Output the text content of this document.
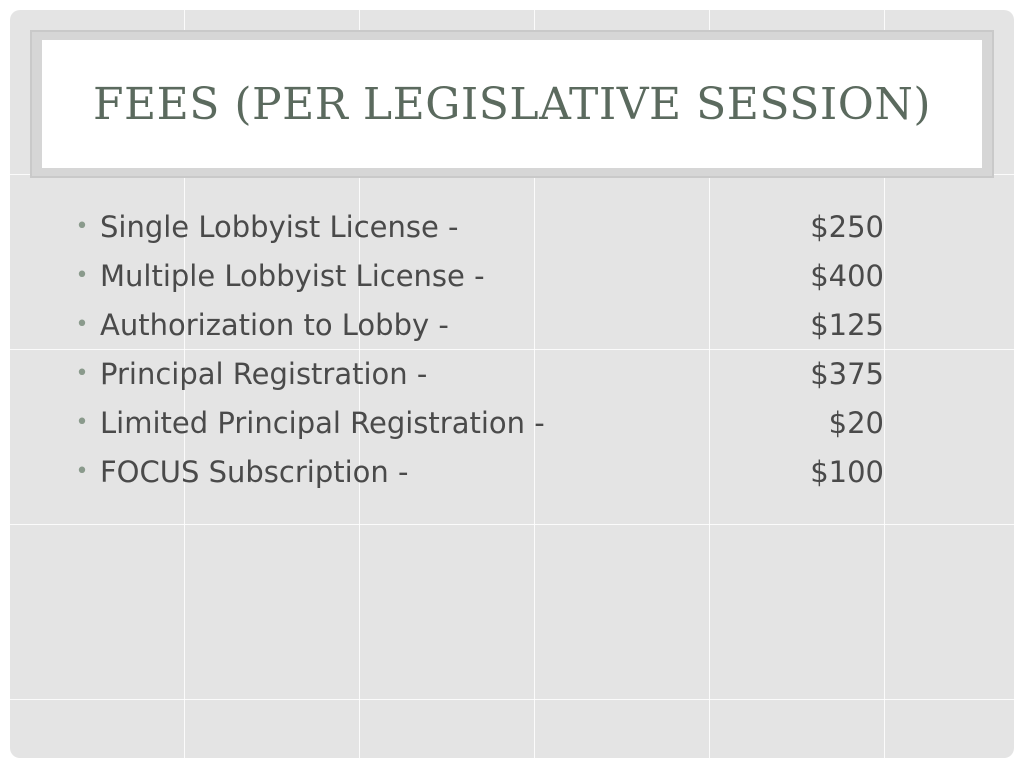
FEES (PER LEGISLATIVE SESSION)
• Single Lobbyist License -	$250
• Multiple Lobbyist License -	$400
• Authorization to Lobby -	$125
• Principal Registration -	$375
• Limited Principal Registration -	$20
• FOCUS Subscription -	$100
